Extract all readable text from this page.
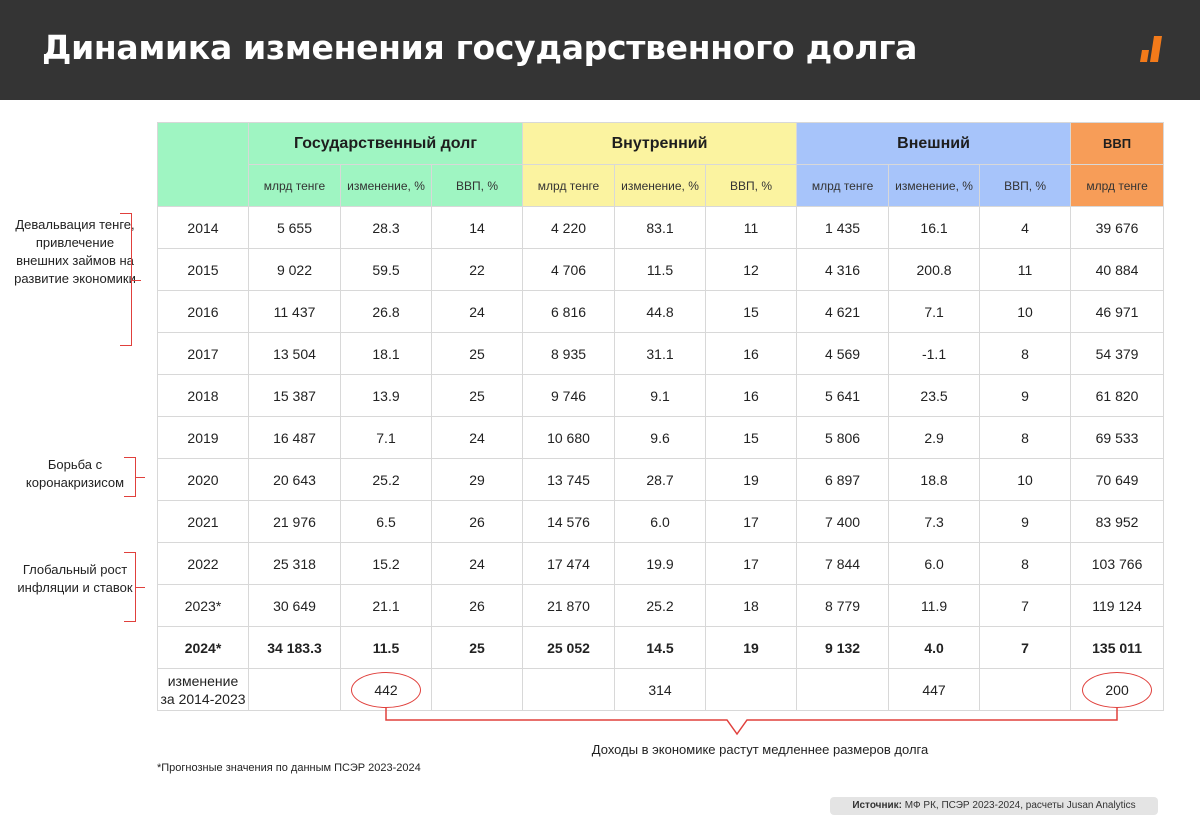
Динамика изменения государственного долга
	Государственный долг			Внутренний			Внешний			ВВП
	млрд тенге	изменение, %	ВВП, %	млрд тенге	изменение, %	ВВП, %	млрд тенге	изменение, %	ВВП, %	млрд тенге
2014	5 655	28.3	14	4 220	83.1	11	1 435	16.1	4	39 676
2015	9 022	59.5	22	4 706	11.5	12	4 316	200.8	11	40 884
2016	11 437	26.8	24	6 816	44.8	15	4 621	7.1	10	46 971
2017	13 504	18.1	25	8 935	31.1	16	4 569	-1.1	8	54 379
2018	15 387	13.9	25	9 746	9.1	16	5 641	23.5	9	61 820
2019	16 487	7.1	24	10 680	9.6	15	5 806	2.9	8	69 533
2020	20 643	25.2	29	13 745	28.7	19	6 897	18.8	10	70 649
2021	21 976	6.5	26	14 576	6.0	17	7 400	7.3	9	83 952
2022	25 318	15.2	24	17 474	19.9	17	7 844	6.0	8	103 766
2023*	30 649	21.1	26	21 870	25.2	18	8 779	11.9	7	119 124
2024*	34 183.3	11.5	25	25 052	14.5	19	9 132	4.0	7	135 011

изменение
за 2014-2023		442			314			447		200
Девальвация тенге, привлечение внешних займов на развитие экономики
Борьба с коронакризисом
Глобальный рост инфляции и ставок
Доходы в экономике растут медленнее размеров долга
*Прогнозные значения по данным ПСЭР 2023-2024
Источник: МФ РК, ПСЭР 2023-2024, расчеты Jusan Analytics
